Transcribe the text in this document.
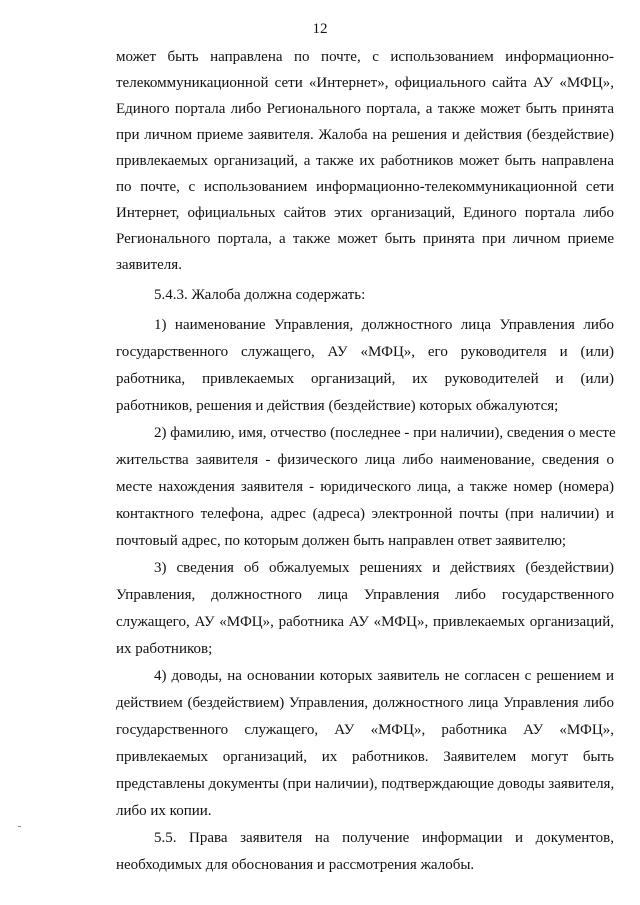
12
может быть направлена по почте, с использованием информационно-
телекоммуникационной сети «Интернет», официального сайта АУ «МФЦ»,
Единого портала либо Регионального портала, а также может быть принята
при личном приеме заявителя. Жалоба на решения и действия (бездействие)
привлекаемых организаций, а также их работников может быть направлена
по почте, с использованием информационно-телекоммуникационной сети
Интернет, официальных сайтов этих организаций, Единого портала либо
Регионального портала, а также может быть принята при личном приеме
заявителя.
5.4.3. Жалоба должна содержать:
1) наименование Управления, должностного лица Управления либо
государственного служащего, АУ «МФЦ», его руководителя и (или)
работника, привлекаемых организаций, их руководителей и (или)
работников, решения и действия (бездействие) которых обжалуются;
2) фамилию, имя, отчество (последнее - при наличии), сведения о месте
жительства заявителя - физического лица либо наименование, сведения о
месте нахождения заявителя - юридического лица, а также номер (номера)
контактного телефона, адрес (адреса) электронной почты (при наличии) и
почтовый адрес, по которым должен быть направлен ответ заявителю;
3) сведения об обжалуемых решениях и действиях (бездействии)
Управления, должностного лица Управления либо государственного
служащего, АУ «МФЦ», работника АУ «МФЦ», привлекаемых организаций,
их работников;
4) доводы, на основании которых заявитель не согласен с решением и
действием (бездействием) Управления, должностного лица Управления либо
государственного служащего, АУ «МФЦ», работника АУ «МФЦ»,
привлекаемых организаций, их работников. Заявителем могут быть
представлены документы (при наличии), подтверждающие доводы заявителя,
либо их копии.
5.5. Права заявителя на получение информации и документов,
необходимых для обоснования и рассмотрения жалобы.
